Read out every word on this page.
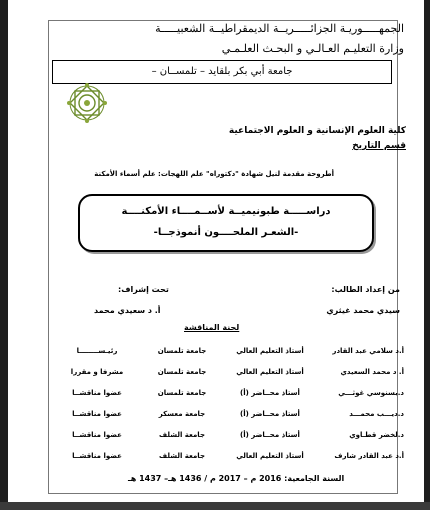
الجمهـــــوريـة الجزائـــــريــة الديمقراطيــة الشعبيـــــة
وزارة التعليـم العـالـي و البحـث العلـمـي
جامعة أبي بكر بلقايد – تلمســان –
كلية العلوم الإنسانية و العلوم الاجتماعية
قسم التاريخ
أطروحة مقدمة لنيل شهادة "دكتوراه" علم اللهجات: علم أسماء الأمكنة
دراســـــة طبونيميــة لأســمــــاء الأمكنــــة
-الشعـر الملحــــون أنموذجــا-
من إعداد الطالب:
سيدي محمد غيثري
تحت إشراف:
أ. د سعيدي محمد
لجنة المناقشة
أ.د سلامي عبد القادر	أستاذ التعليم العالي	جامعة تلمسان	رئيـســــــــا
أ. د محمد السعيدي	أستاذ التعليم العالي	جامعة تلمسان	مشرفا و مقررا
د.بسنوسي غوثـــي	أستاذ محــاضر (أ)	جامعة تلمسان	عضوا مناقشــا
د.ديـــب محمـــد	أستاذ محــاضر (أ)	جامعة معسكر	عضوا مناقشــا
د.لخضر قطـاوي	أستاذ محــاضر (أ)	جامعة الشلف	عضوا مناقشــا
أ.د عبد القادر شارف	أستاذ التعليم العالي	جامعة الشلف	عضوا مناقشــا
السنة الجامعية: 2016 م – 2017 م / 1436 هـ– 1437 هـ
